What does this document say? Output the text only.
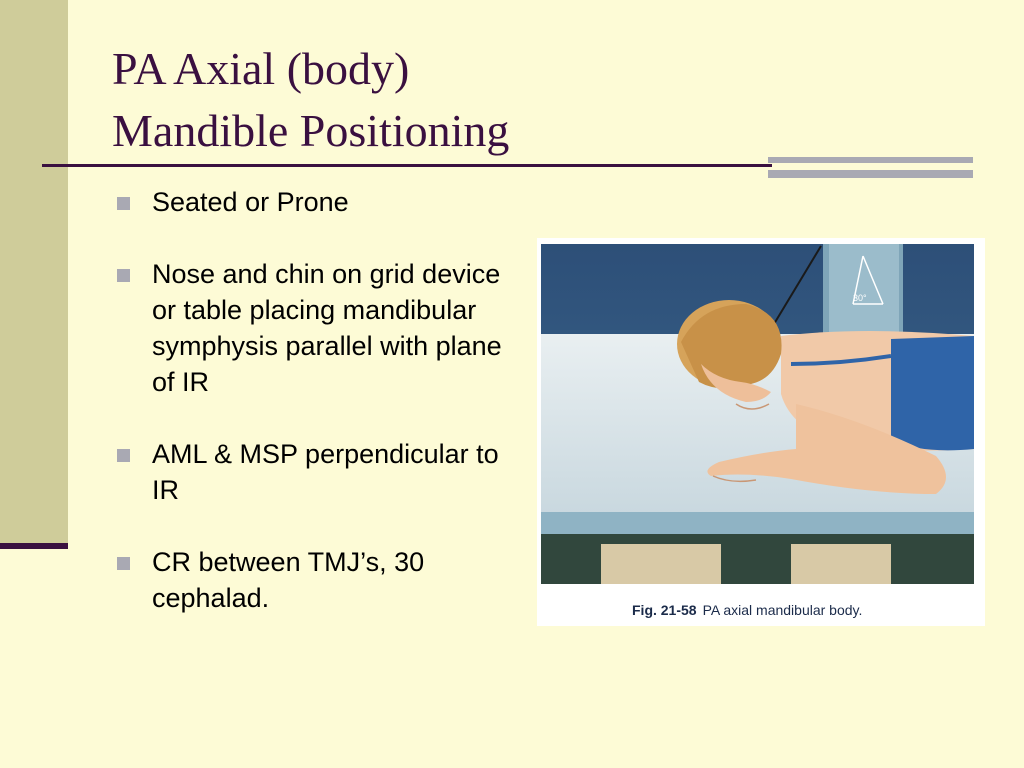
PA Axial (body)
Mandible Positioning
Seated or Prone
Nose and chin on grid device or table placing mandibular symphysis parallel with plane of IR
AML & MSP perpendicular to IR
CR between TMJ’s, 30 cephalad.
30°
Fig. 21-58 PA axial mandibular body.
